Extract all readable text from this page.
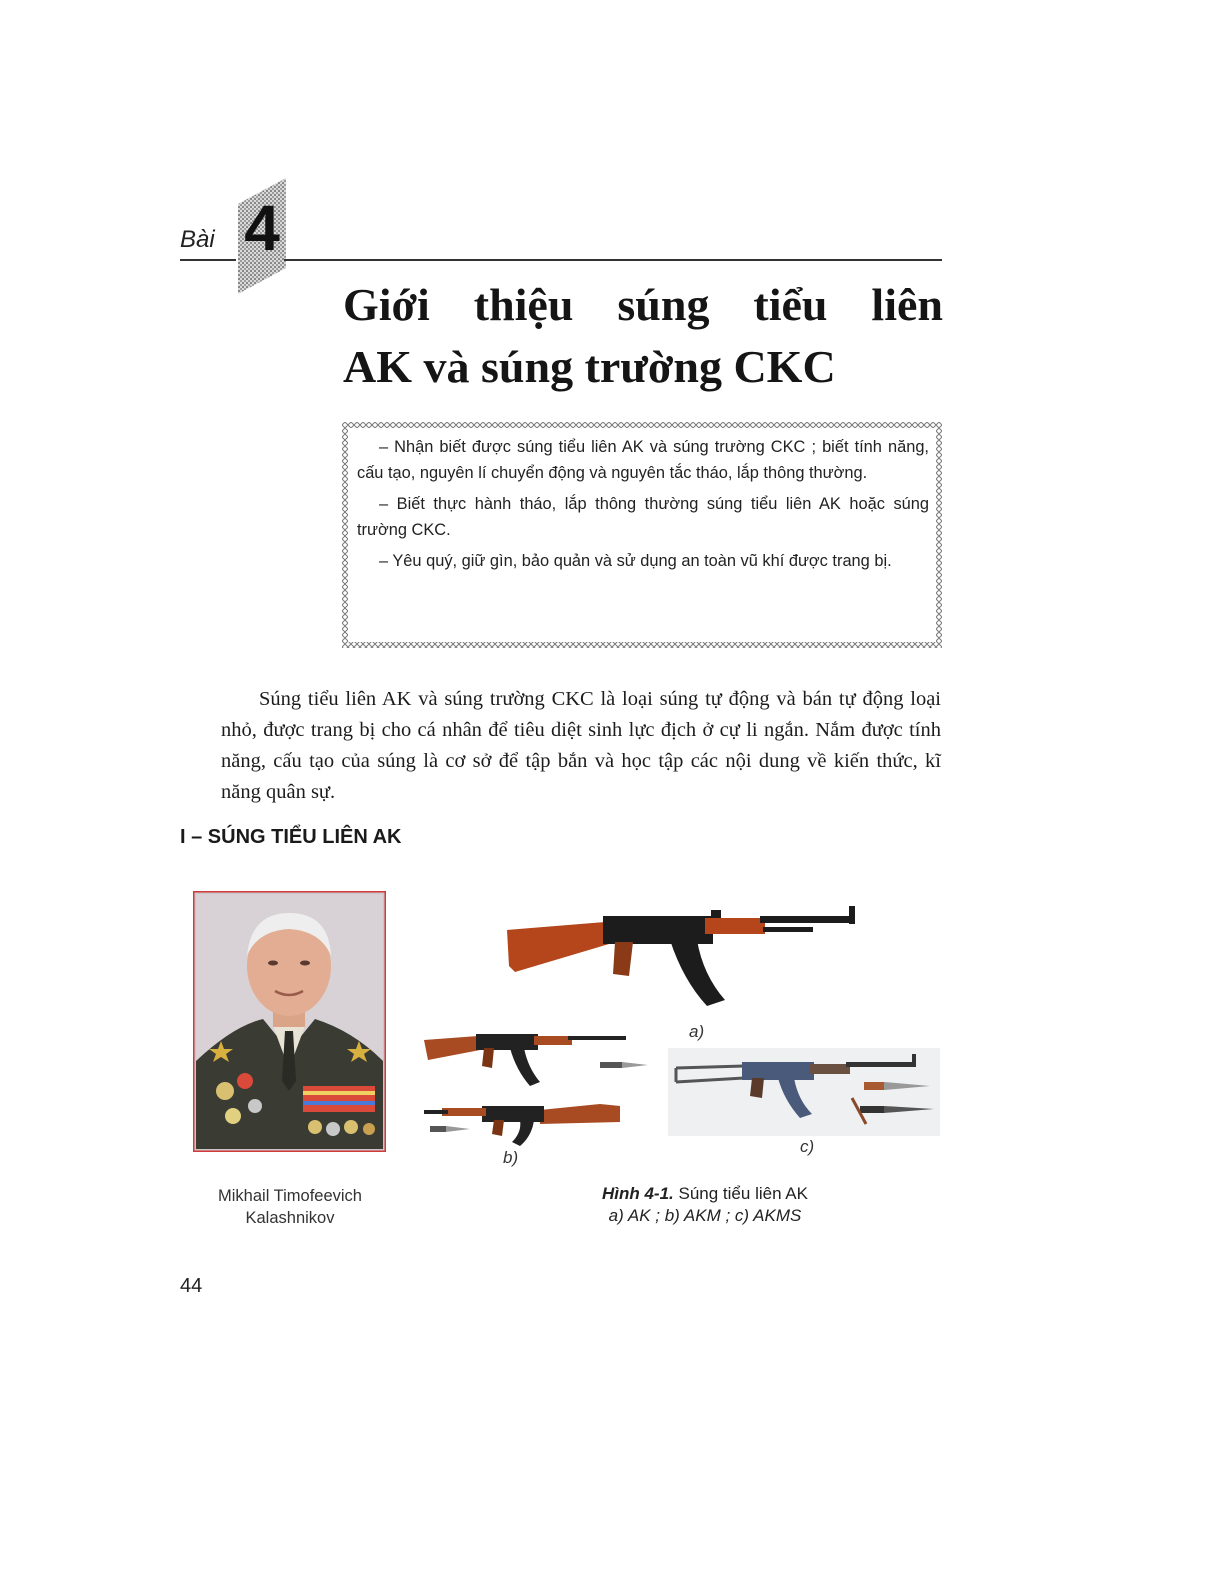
Bài 4
Giới thiệu súng tiểu liên
AK và súng trường CKC

– Nhận biết được súng tiểu liên AK và súng trường CKC ; biết tính năng, cấu tạo, nguyên lí chuyển động và nguyên tắc tháo, lắp thông thường.

– Biết thực hành tháo, lắp thông thường súng tiểu liên AK hoặc súng trường CKC.

– Yêu quý, giữ gìn, bảo quản và sử dụng an toàn vũ khí được trang bị.

Súng tiểu liên AK và súng trường CKC là loại súng tự động và bán tự động loại nhỏ, được trang bị cho cá nhân để tiêu diệt sinh lực địch ở cự li ngắn. Nắm được tính năng, cấu tạo của súng là cơ sở để tập bắn và học tập các nội dung về kiến thức, kĩ năng quân sự.

I – SÚNG TIỂU LIÊN AK
Mikhail Timofeevich
Kalashnikov
a)
b)
c)
Hình 4-1. Súng tiểu liên AK
a) AK ; b) AKM ; c) AKMS
44
